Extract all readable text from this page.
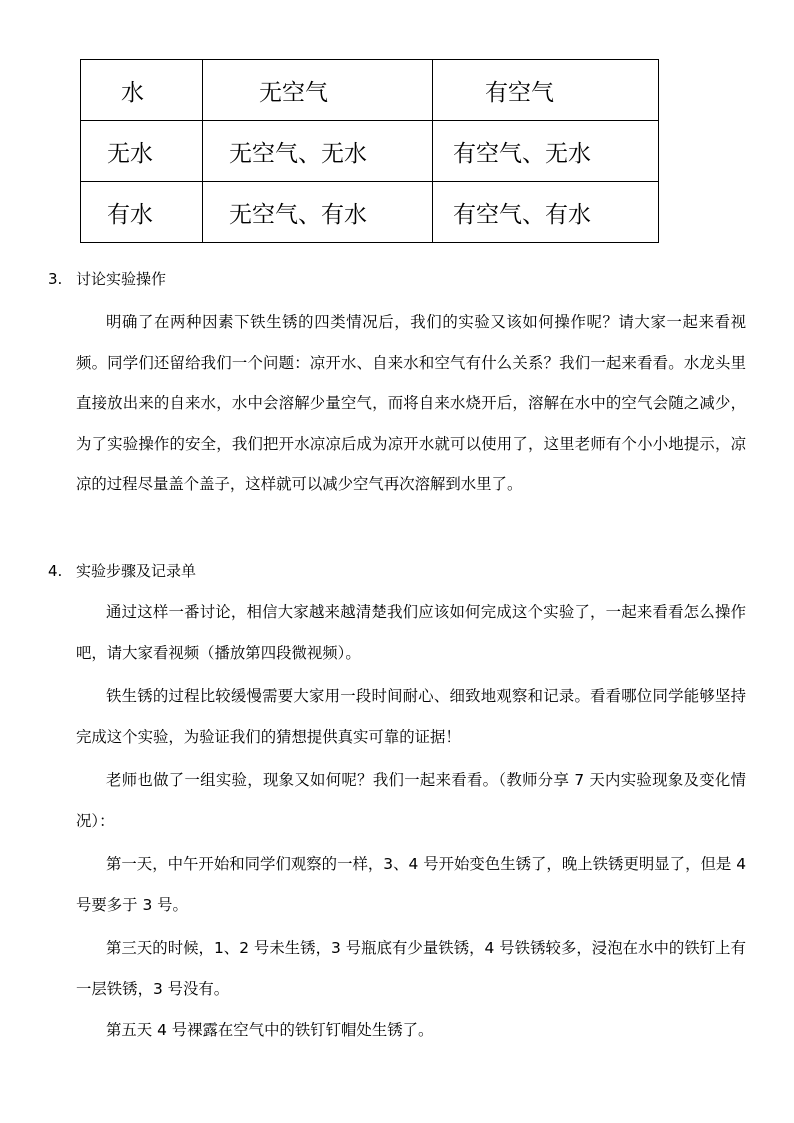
水	无空气	有空气
无水	无空气、无水	有空气、无水
有水	无空气、有水	有空气、有水
3. 讨论实验操作

明确了在两种因素下铁生锈的四类情况后，我们的实验又该如何操作呢？请大家一起来看视频。同学们还留给我们一个问题：凉开水、自来水和空气有什么关系？我们一起来看看。水龙头里直接放出来的自来水，水中会溶解少量空气，而将自来水烧开后，溶解在水中的空气会随之减少，为了实验操作的安全，我们把开水凉凉后成为凉开水就可以使用了，这里老师有个小小地提示，凉凉的过程尽量盖个盖子，这样就可以减少空气再次溶解到水里了。

4. 实验步骤及记录单

通过这样一番讨论，相信大家越来越清楚我们应该如何完成这个实验了，一起来看看怎么操作吧，请大家看视频（播放第四段微视频）。

铁生锈的过程比较缓慢需要大家用一段时间耐心、细致地观察和记录。看看哪位同学能够坚持完成这个实验，为验证我们的猜想提供真实可靠的证据！

老师也做了一组实验，现象又如何呢？我们一起来看看。（教师分享 7 天内实验现象及变化情况）：

第一天，中午开始和同学们观察的一样，3、4 号开始变色生锈了，晚上铁锈更明显了，但是 4 号要多于 3 号。

第三天的时候，1、2 号未生锈，3 号瓶底有少量铁锈，4 号铁锈较多，浸泡在水中的铁钉上有一层铁锈，3 号没有。

第五天 4 号裸露在空气中的铁钉钉帽处生锈了。
